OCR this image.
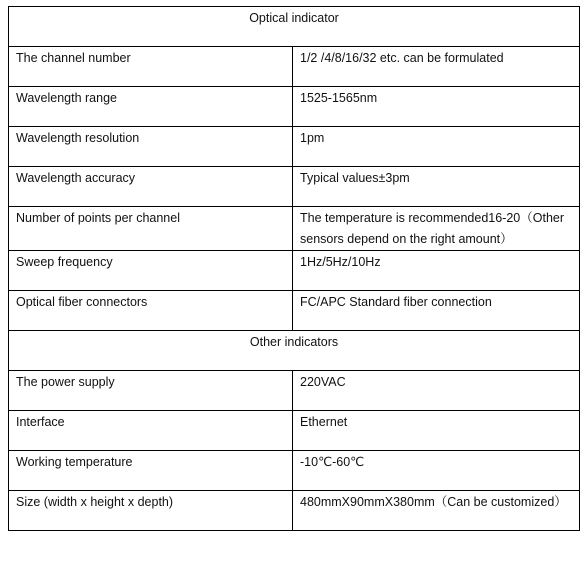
Optical indicator	
The channel number	1/2 /4/8/16/32 etc. can be formulated
Wavelength range	1525-1565nm
Wavelength resolution	1pm
Wavelength accuracy	Typical values±3pm
Number of points per channel	The temperature is recommended16-20（Other sensors depend on the right amount）
Sweep frequency	1Hz/5Hz/10Hz
Optical fiber connectors	FC/APC Standard fiber connection
Other indicators	
The power supply	220VAC
Interface	Ethernet
Working temperature	-10℃-60℃
Size (width x height x depth)	480mmX90mmX380mm（Can be customized）
